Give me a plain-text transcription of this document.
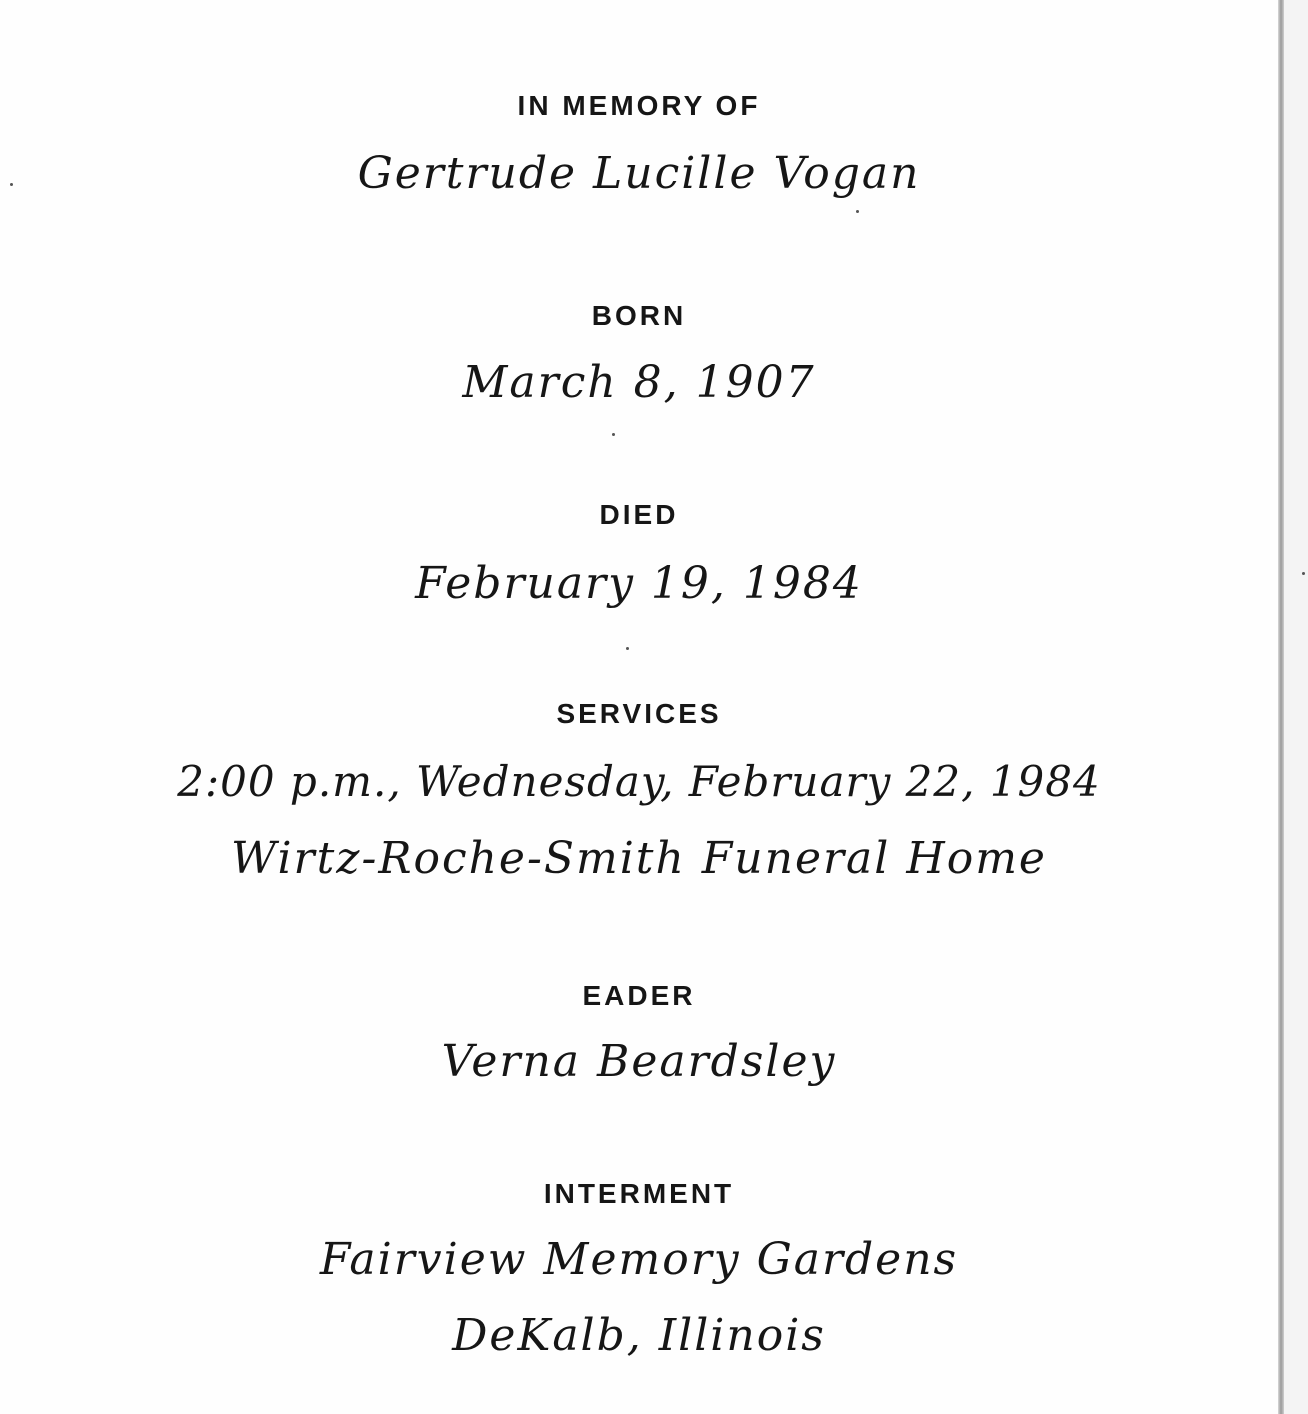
IN MEMORY OF
Gertrude Lucille Vogan
BORN
March 8, 1907
DIED
February 19, 1984
SERVICES
2:00 p.m., Wednesday, February 22, 1984
Wirtz-Roche-Smith Funeral Home
EADER
Verna Beardsley
INTERMENT
Fairview Memory Gardens
DeKalb, Illinois
